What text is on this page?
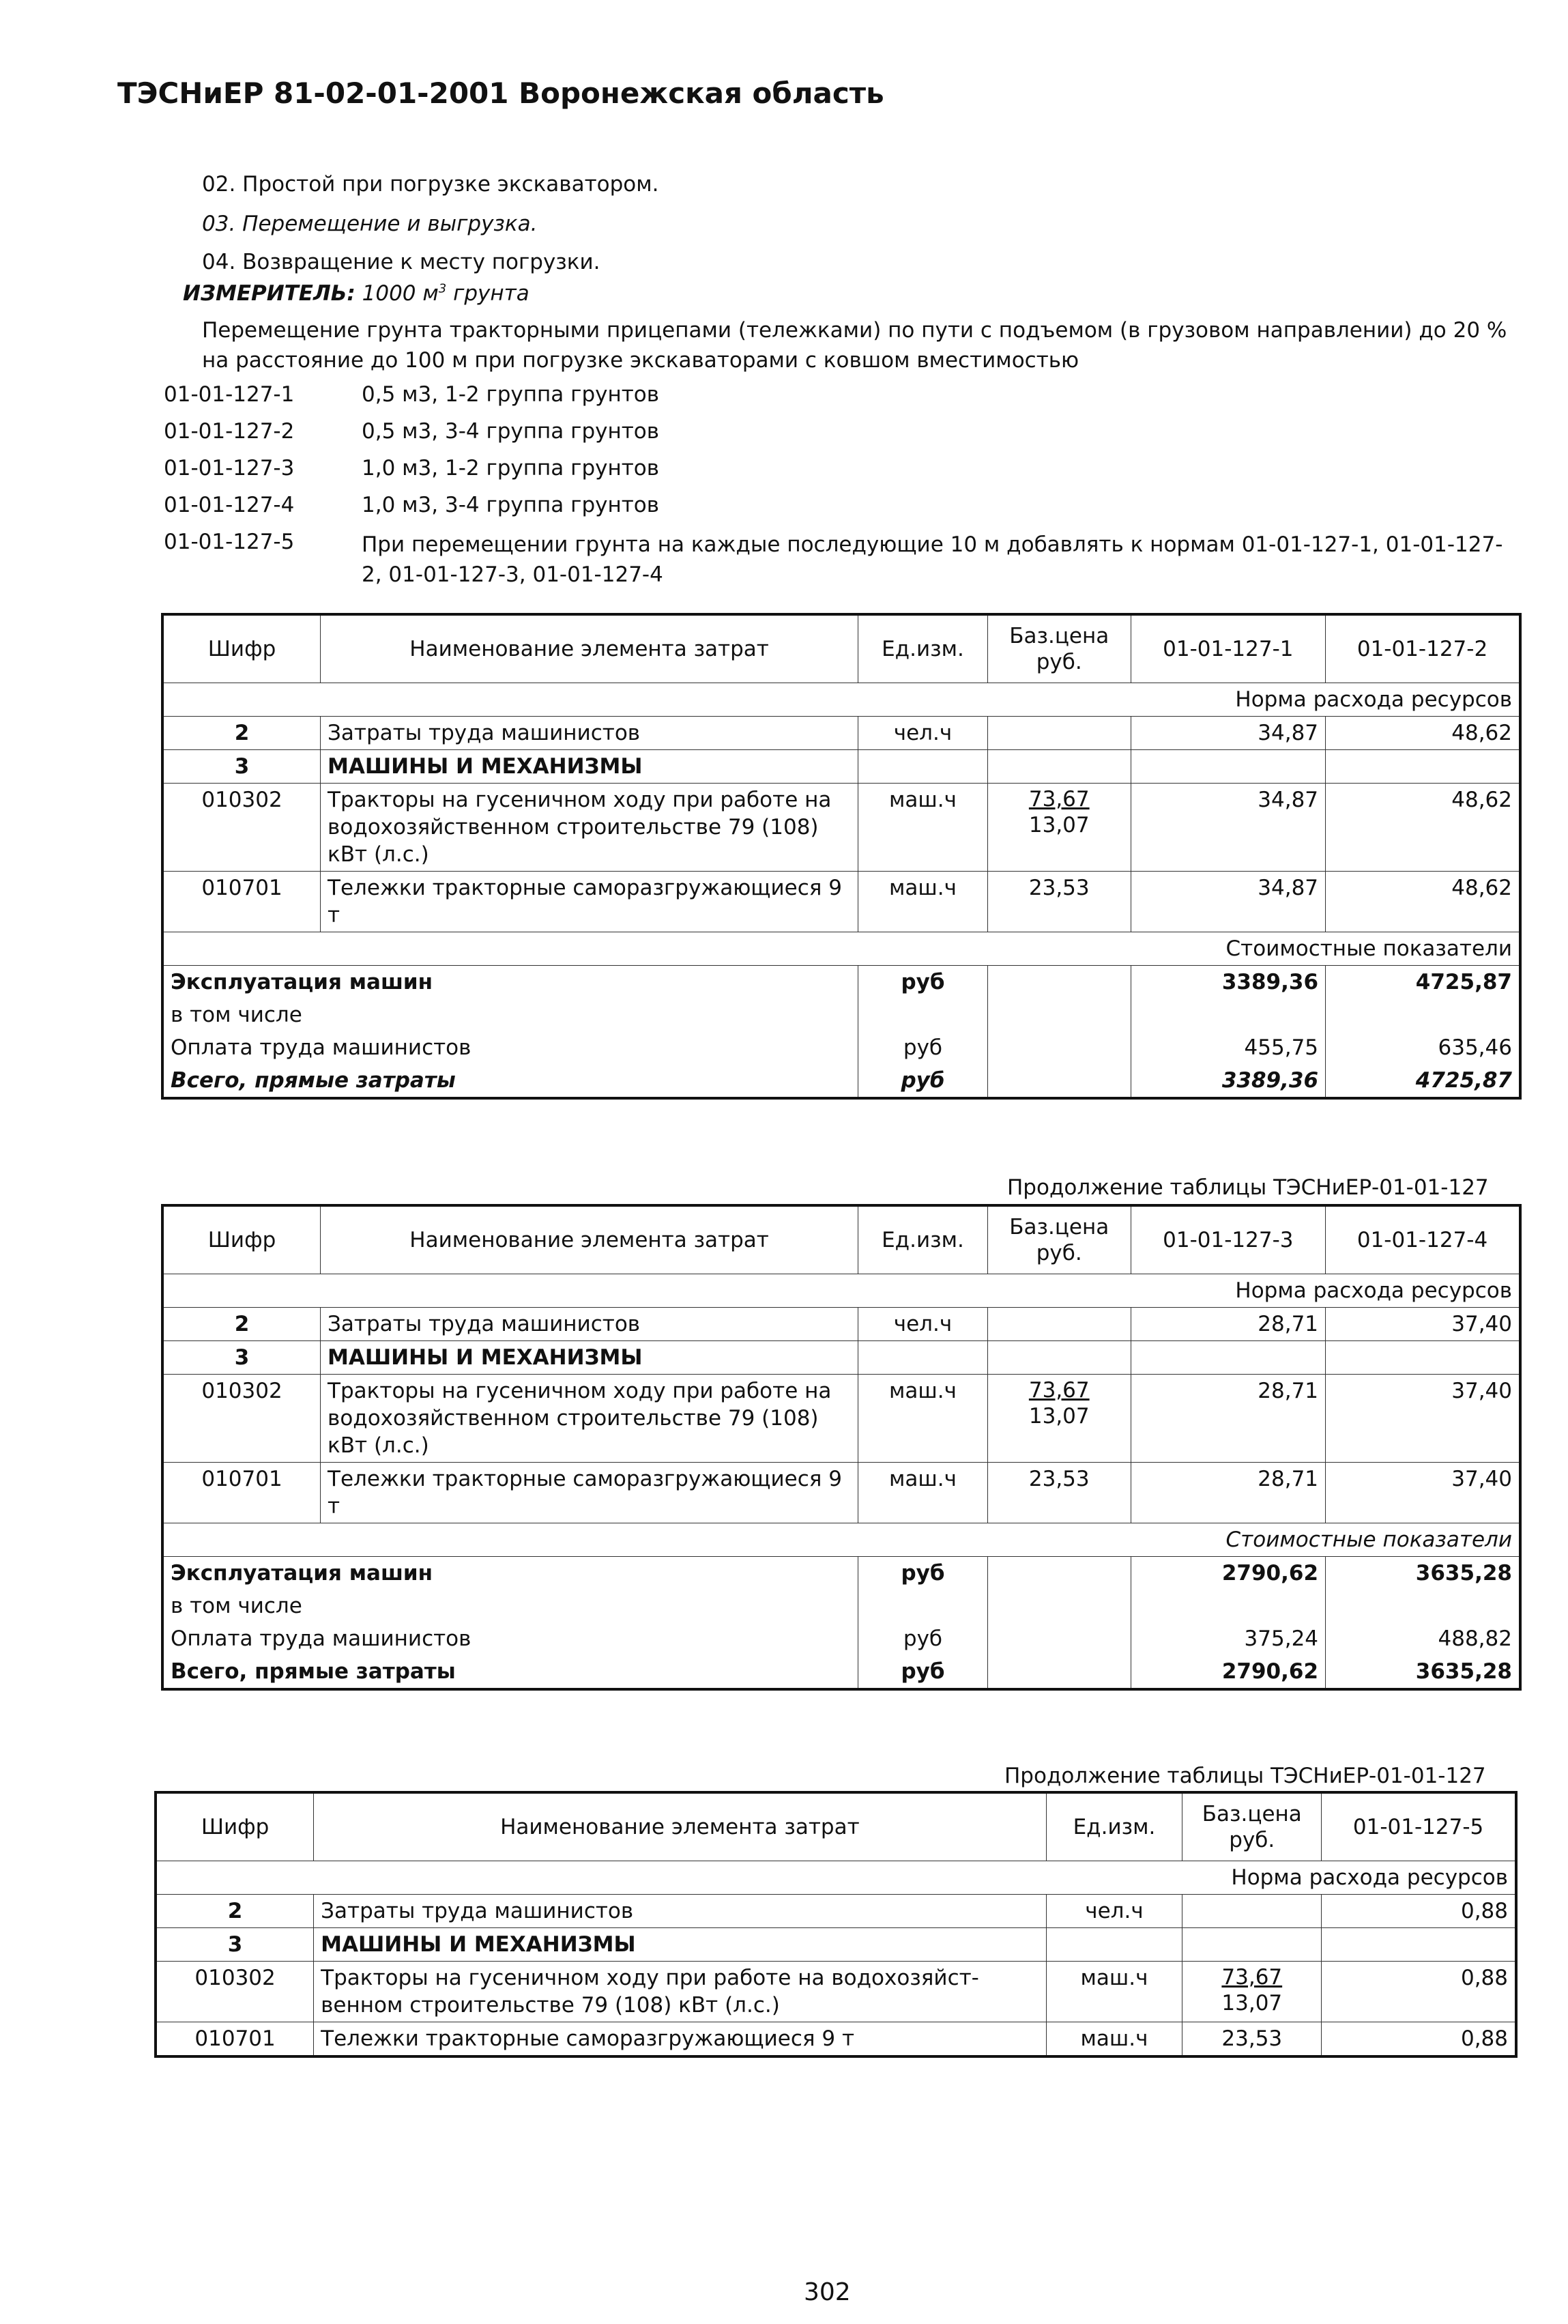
ТЭСНиЕР 81-02-01-2001 Воронежская область
02. Простой при погрузке экскаватором.
03. Перемещение и выгрузка.
04. Возвращение к месту погрузки.
ИЗМЕРИТЕЛЬ: 1000 $м^3$ грунта
Перемещение грунта тракторными прицепами (тележками) по пути с подъемом (в грузовом направлении) до 20 % на расстояние до 100 м при погрузке экскаваторами с ковшом вместимостью
01-01-127-1	0,5 м3, 1-2 группа грунтов
01-01-127-2	0,5 м3, 3-4 группа грунтов
01-01-127-3	1,0 м3, 1-2 группа грунтов
01-01-127-4	1,0 м3, 3-4 группа грунтов
01-01-127-5	При перемещении грунта на каждые последующие 10 м добавлять к нормам 01-01-127-1, 01-01-127-2, 01-01-127-3, 01-01-127-4
Шифр	Наименование элемента затрат	Ед.изм.	Баз.цена руб.	01-01-127-1	01-01-127-2
Норма расхода ресурсов					
2	Затраты труда машинистов	чел.ч		34,87	48,62
3	МАШИНЫ И МЕХАНИЗМЫ				
010302	Тракторы на гусеничном ходу при работе на водохозяйственном строительстве 79 (108) кВт (л.с.)	маш.ч	$\frac{73,67}{13,07}$	34,87	48,62
010701	Тележки тракторные саморазгружающиеся 9 т	маш.ч	23,53	34,87	48,62
Стоимостные показатели					
Эксплуатация машин		руб		3389,36	4725,87
в том числе					
Оплата труда машинистов		руб		455,75	635,46
Всего, прямые затраты		руб		3389,36	4725,87
Продолжение таблицы ТЭСНиЕР-01-01-127
Шифр	Наименование элемента затрат	Ед.изм.	Баз.цена руб.	01-01-127-3	01-01-127-4
Норма расхода ресурсов					
2	Затраты труда машинистов	чел.ч		28,71	37,40
3	МАШИНЫ И МЕХАНИЗМЫ				
010302	Тракторы на гусеничном ходу при работе на водохозяйственном строительстве 79 (108) кВт (л.с.)	маш.ч	$\frac{73,67}{13,07}$	28,71	37,40
010701	Тележки тракторные саморазгружающиеся 9 т	маш.ч	23,53	28,71	37,40
Стоимостные показатели					
Эксплуатация машин		руб		2790,62	3635,28
в том числе					
Оплата труда машинистов		руб		375,24	488,82
Всего, прямые затраты		руб		2790,62	3635,28
Продолжение таблицы ТЭСНиЕР-01-01-127
Шифр	Наименование элемента затрат	Ед.изм.	Баз.цена руб.	01-01-127-5
Норма расхода ресурсов				
2	Затраты труда машинистов	чел.ч		0,88
3	МАШИНЫ И МЕХАНИЗМЫ			
010302	Тракторы на гусеничном ходу при работе на водохозяйст-венном строительстве 79 (108) кВт (л.с.)	маш.ч	$\frac{73,67}{13,07}$	0,88
010701	Тележки тракторные саморазгружающиеся 9 т	маш.ч	23,53	0,88
302
